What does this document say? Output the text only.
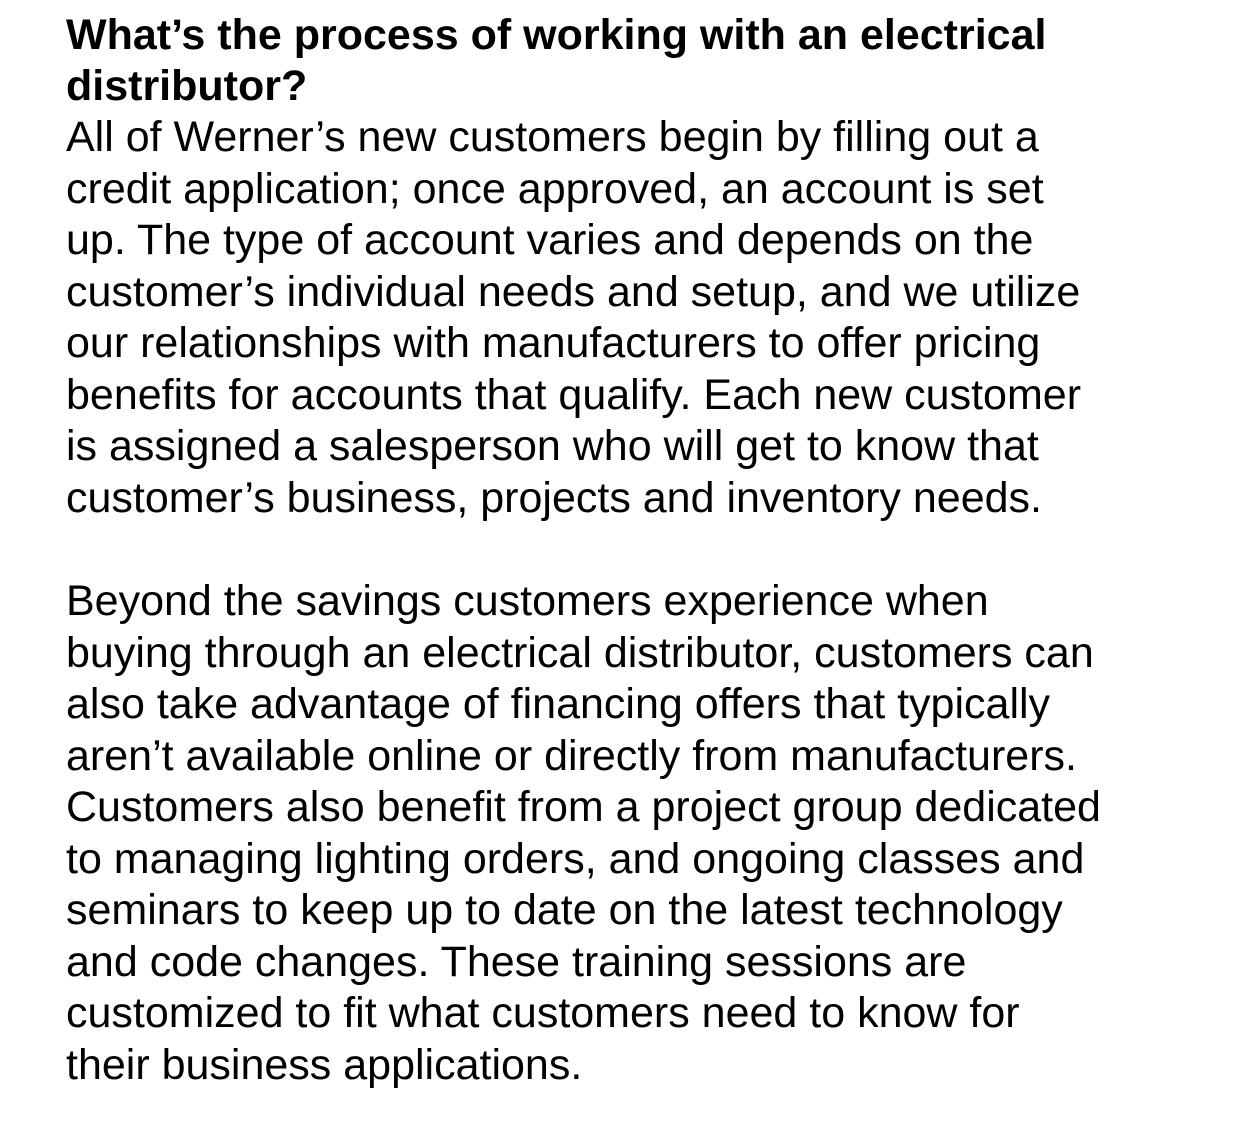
What’s the process of working with an electrical
distributor?

All of Werner’s new customers begin by filling out a
credit application; once approved, an account is set
up. The type of account varies and depends on the
customer’s individual needs and setup, and we utilize
our relationships with manufacturers to offer pricing
benefits for accounts that qualify. Each new customer
is assigned a salesperson who will get to know that
customer’s business, projects and inventory needs.

Beyond the savings customers experience when
buying through an electrical distributor, customers can
also take advantage of financing offers that typically
aren’t available online or directly from manufacturers.
Customers also benefit from a project group dedicated
to managing lighting orders, and ongoing classes and
seminars to keep up to date on the latest technology
and code changes. These training sessions are
customized to fit what customers need to know for
their business applications.
